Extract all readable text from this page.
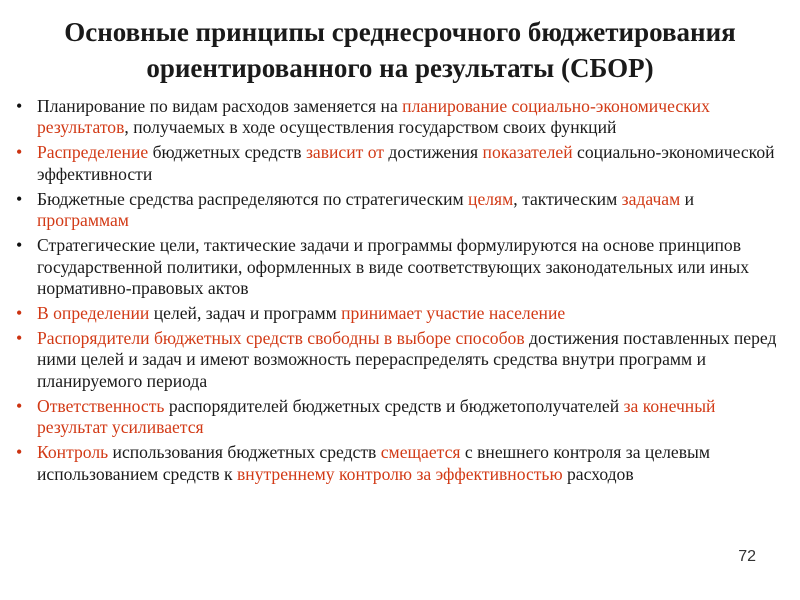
Основные принципы среднесрочного бюджетирования
ориентированного на результаты (СБОР)
• Планирование по видам расходов заменяется на планирование социально-экономических результатов, получаемых в ходе осуществления государством своих функций
• Распределение бюджетных средств зависит от достижения показателей социально-экономической эффективности
• Бюджетные средства распределяются по стратегическим целям, тактическим задачам и программам
• Стратегические цели, тактические задачи и программы формулируются на основе принципов государственной политики, оформленных в виде соответствующих законодательных или иных нормативно-правовых актов
• В определении целей, задач и программ принимает участие население
• Распорядители бюджетных средств свободны в выборе способов достижения поставленных перед ними целей и задач и имеют возможность перераспределять средства внутри программ и планируемого периода
• Ответственность распорядителей бюджетных средств и бюджетополучателей за конечный результат усиливается
• Контроль использования бюджетных средств смещается с внешнего контроля за целевым использованием средств к внутреннему контролю за эффективностью расходов
72
